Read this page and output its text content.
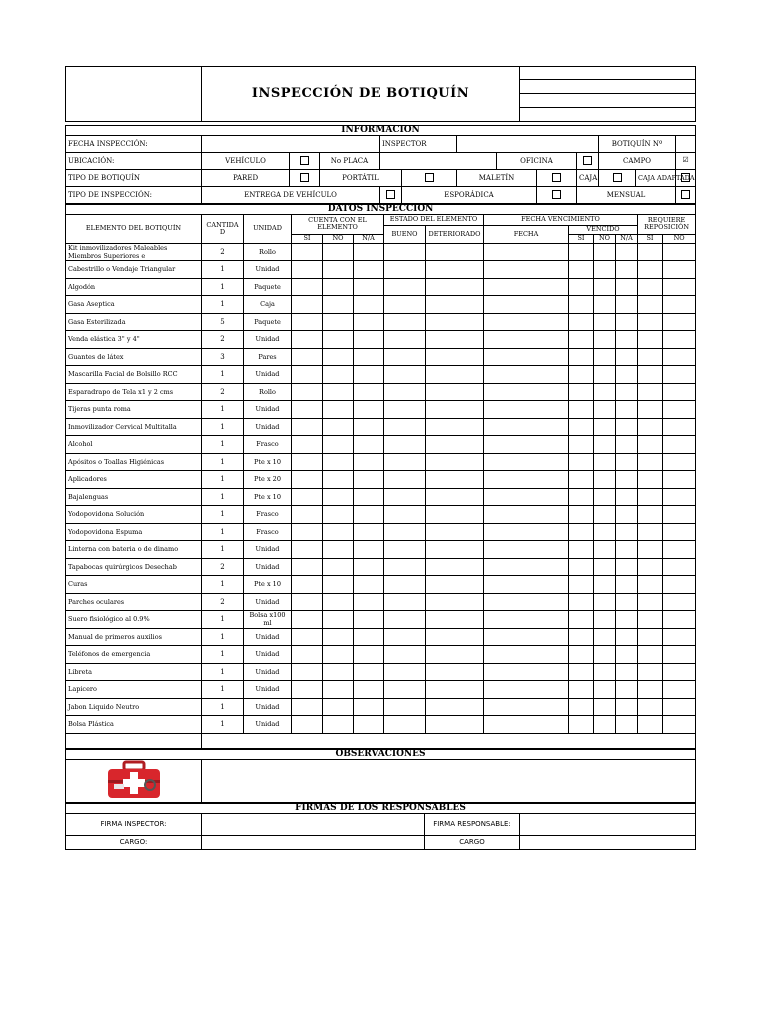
	INSPECCIÓN DE BOTIQUÍN	

INFORMACION												
FECHA INSPECCIÓN:				INSPECTOR						BOTIQUÍN Nº		
UBICACIÓN:	VEHÍCULO		No PLACA				OFICINA			CAMPO		☑
TIPO DE BOTIQUÍN	PARED		PORTÁTIL			MALETÍN			CAJA		CAJA ADAPTADA	
TIPO DE INSPECCIÓN:	ENTREGA DE VEHÍCULO				ESPORÁDICA				MENSUAL			
DATOS INSPECCION													
ELEMENTO DEL BOTIQUÍN	CANTIDA D	UNIDAD	CUENTA CON EL ELEMENTO			ESTADO DEL ELEMENTO		FECHA VENCIMIENTO				REQUIERE REPOSICIÓN	
						BUENO	DETERIORADO	FECHA	VENCIDO				
			SI	NO	N/A				SI	NO	N/A	SI	NO
Kit inmovilizadores Maleables Miembros Superiores e	2	Rollo											
Cabestrillo o Vendaje Triangular	1	Unidad											
Algodón	1	Paquete											
Gasa Aseptica	1	Caja											
Gasa Esterilizada	5	Paquete											
Venda elástica 3" y 4"	2	Unidad											
Guantes de látex	3	Pares											
Mascarilla Facial de Bolsillo RCC	1	Unidad											
Esparadrapo de Tela x1 y 2 cms	2	Rollo											
Tijeras punta roma	1	Unidad											
Inmovilizador Cervical Multitalla	1	Unidad											
Alcohol	1	Frasco											
Apósitos o Toallas Higiénicas	1	Pte x 10											
Aplicadores	1	Pte x 20											
Bajalenguas	1	Pte x 10											
Yodopovidona Solución	1	Frasco											
Yodopovidona Espuma	1	Frasco											
Linterna con bateria o de dinamo	1	Unidad											
Tapabocas quirúrgicos Desechab	2	Unidad											
Curas	1	Pte x 10											
Parches oculares	2	Unidad											
Suero fisiológico al 0.9%	1	Bolsa x100 ml											
Manual de primeros auxilios	1	Unidad											
Teléfonos de emergencia	1	Unidad											
Libreta	1	Unidad											
Lapicero	1	Unidad											
Jabon Liquido Neutro	1	Unidad											
Bolsa Plástica	1	Unidad											

OBSERVACIONES

FIRMAS DE LOS RESPONSABLES			
FIRMA INSPECTOR:		FIRMA RESPONSABLE:	
CARGO:		CARGO	
